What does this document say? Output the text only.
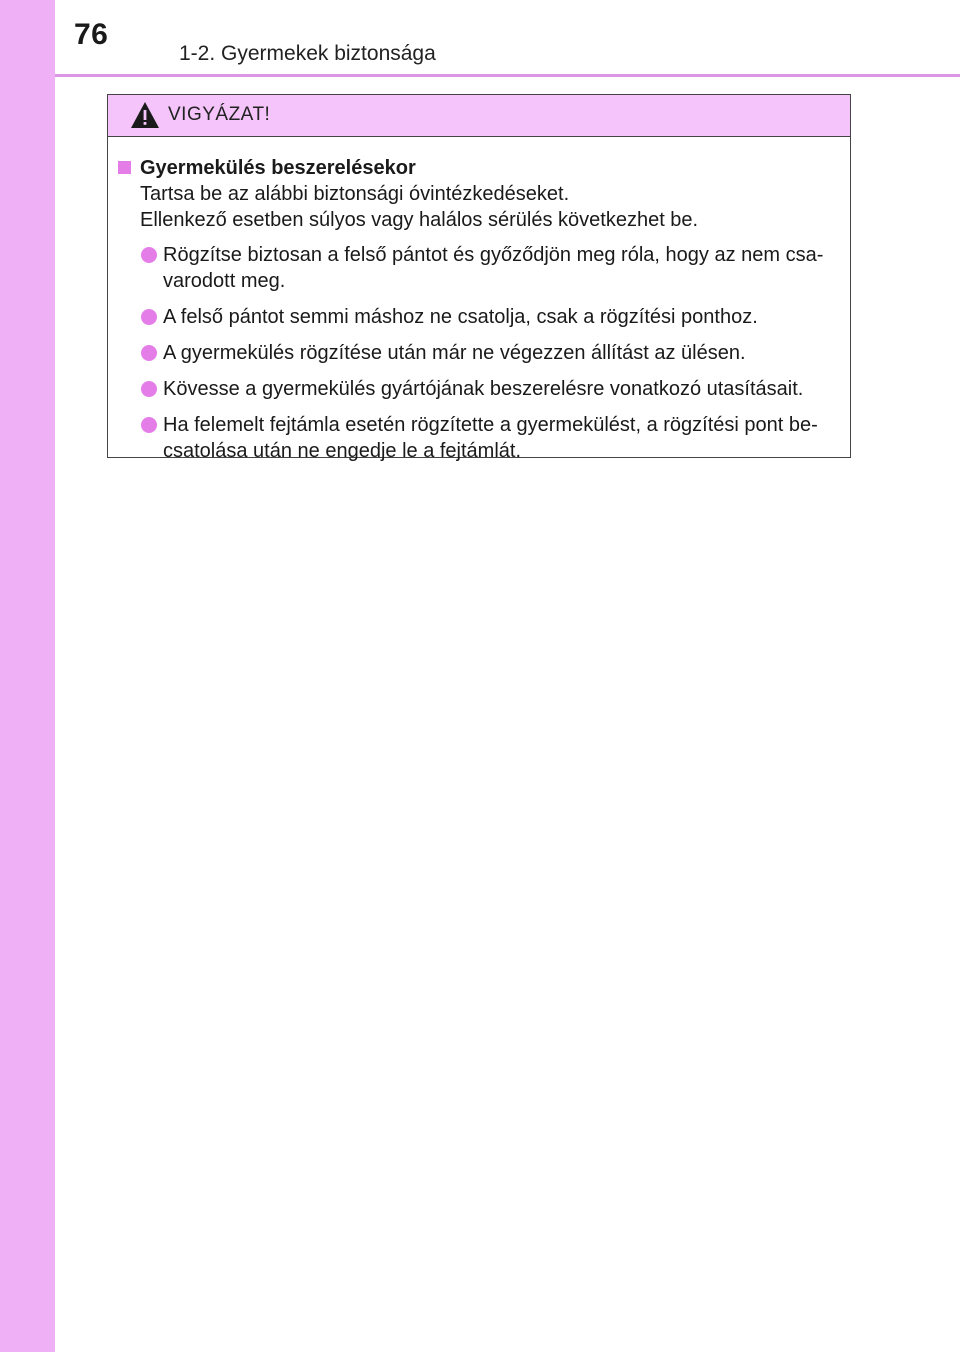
76
1-2. Gyermekek biztonsága
VIGYÁZAT!
Gyermekülés beszerelésekor
Tartsa be az alábbi biztonsági óvintézkedéseket.
Ellenkező esetben súlyos vagy halálos sérülés következhet be.
Rögzítse biztosan a felső pántot és győződjön meg róla, hogy az nem csa-
varodott meg.
A felső pántot semmi máshoz ne csatolja, csak a rögzítési ponthoz.
A gyermekülés rögzítése után már ne végezzen állítást az ülésen.
Kövesse a gyermekülés gyártójának beszerelésre vonatkozó utasításait.
Ha felemelt fejtámla esetén rögzítette a gyermekülést, a rögzítési pont be-
csatolása után ne engedje le a fejtámlát.
